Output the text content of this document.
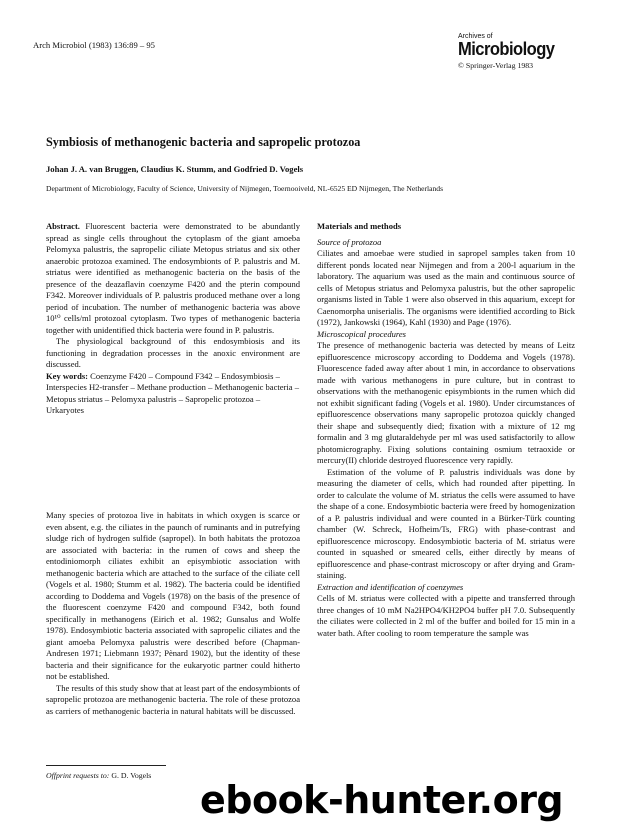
Arch Microbiol (1983) 136:89 – 95
Archives of
Microbiology
© Springer-Verlag 1983
Symbiosis of methanogenic bacteria and sapropelic protozoa
Johan J. A. van Bruggen, Claudius K. Stumm, and Godfried D. Vogels
Department of Microbiology, Faculty of Science, University of Nijmegen, Toernooiveld, NL-6525 ED Nijmegen, The Netherlands

Abstract. Fluorescent bacteria were demonstrated to be abundantly spread as single cells throughout the cytoplasm of the giant amoeba Pelomyxa palustris, the sapropelic ciliate Metopus striatus and six other anaerobic protozoa examined. The endosymbionts of P. palustris and M. striatus were identified as methanogenic bacteria on the basis of the presence of the deazaflavin coenzyme F420 and the pterin compound F342. Moreover individuals of P. palustris produced methane over a long period of incubation. The number of methanogenic bacteria was above 10¹⁰ cells/ml protozoal cytoplasm. Two types of methanogenic bacteria together with unidentified thick bacteria were found in P. palustris.

The physiological background of this endosymbiosis and its functioning in degradation processes in the anoxic environment are discussed.

Key words: Coenzyme F420 – Compound F342 – Endosymbiosis – Interspecies H2-transfer – Methane production – Methanogenic bacteria – Metopus striatus – Pelomyxa palustris – Sapropelic protozoa – Urkaryotes

Many species of protozoa live in habitats in which oxygen is scarce or even absent, e.g. the ciliates in the paunch of ruminants and in putrefying sludge rich of hydrogen sulfide (sapropel). In both habitats the protozoa are associated with bacteria: in the rumen of cows and sheep the entodiniomorph ciliates exhibit an episymbiotic association with methanogenic bacteria which are attached to the surface of the ciliate cell (Vogels et al. 1980; Stumm et al. 1982). The bacteria could be identified according to Doddema and Vogels (1978) on the basis of the presence of the fluorescent coenzyme F420 and compound F342, both found specifically in methanogens (Eirich et al. 1982; Gunsalus and Wolfe 1978). Endosymbiotic bacteria associated with sapropelic ciliates and the giant amoeba Pelomyxa palustris were described before (Chapman-Andresen 1971; Liebmann 1937; Pènard 1902), but the identity of these bacteria and their significance for the eukaryotic partner could hitherto not be established.

The results of this study show that at least part of the endosymbionts of sapropelic protozoa are methanogenic bacteria. The role of these protozoa as carriers of methanogenic bacteria in natural habitats will be discussed.

Materials and methods

Source of protozoa

Ciliates and amoebae were studied in sapropel samples taken from 10 different ponds located near Nijmegen and from a 200-l aquarium in the laboratory. The aquarium was used as the main and continuous source of cells of Metopus striatus and Pelomyxa palustris, but the other sapropelic organisms listed in Table 1 were also observed in this aquarium, except for Caenomorpha uniserialis. The organisms were identified according to Bick (1972), Jankowski (1964), Kahl (1930) and Page (1976).

Microscopical procedures

The presence of methanogenic bacteria was detected by means of Leitz epifluorescence microscopy according to Doddema and Vogels (1978). Fluorescence faded away after about 1 min, in accordance to observations made with various methanogens in pure culture, but in contrast to observations with the methanogenic episymbionts in the rumen which did not exhibit significant fading (Vogels et al. 1980). Under circumstances of epifluorescence observations many sapropelic protozoa quickly changed their shape and subsequently died; fixation with a mixture of 12 mg formalin and 3 mg glutaraldehyde per ml was used satisfactorily to allow photomicrography. Fixing solutions containing osmium tetraoxide or mercury(II) chloride destroyed fluorescence very rapidly.

Estimation of the volume of P. palustris individuals was done by measuring the diameter of cells, which had rounded after pipetting. In order to calculate the volume of M. striatus the cells were assumed to have the shape of a cone. Endosymbiotic bacteria were freed by homogenization of a P. palustris individual and were counted in a Bürker-Türk counting chamber (W. Schreck, Hofheim/Ts, FRG) with phase-contrast and epifluorescence microscopy. Endosymbiotic bacteria of M. striatus were counted in squashed or smeared cells, either directly by means of epifluorescence and phase-contrast microscopy or after drying and Gram-staining.

Extraction and identification of coenzymes

Cells of M. striatus were collected with a pipette and transferred through three changes of 10 mM Na2HPO4/KH2PO4 buffer pH 7.0. Subsequently the ciliates were collected in 2 ml of the buffer and boiled for 15 min in a water bath. After cooling to room temperature the sample was

Offprint requests to: G. D. Vogels
ebook-hunter.org
